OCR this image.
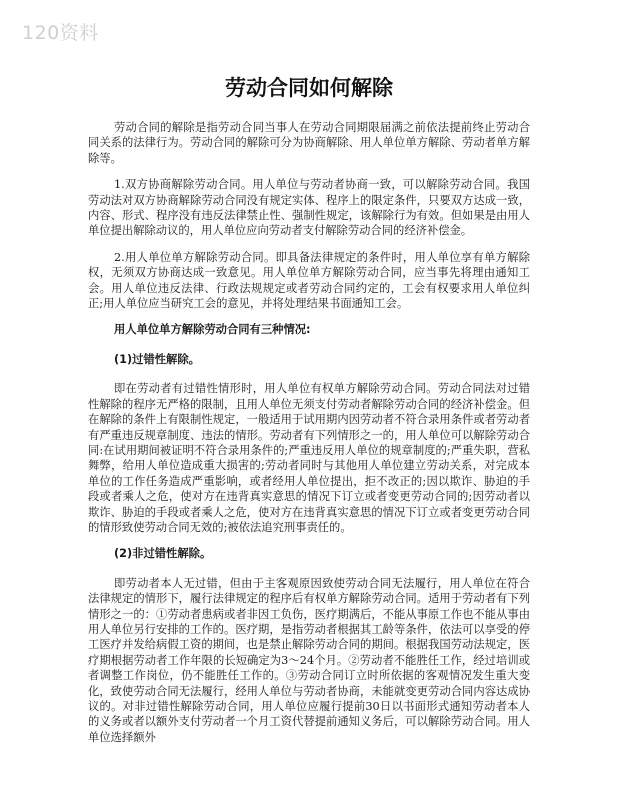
120资料
劳动合同如何解除

劳动合同的解除是指劳动合同当事人在劳动合同期限届满之前依法提前终止劳动合同关系的法律行为。劳动合同的解除可分为协商解除、用人单位单方解除、劳动者单方解除等。

1.双方协商解除劳动合同。用人单位与劳动者协商一致，可以解除劳动合同。我国劳动法对双方协商解除劳动合同没有规定实体、程序上的限定条件，只要双方达成一致，内容、形式、程序没有违反法律禁止性、强制性规定，该解除行为有效。但如果是由用人单位提出解除动议的，用人单位应向劳动者支付解除劳动合同的经济补偿金。

2.用人单位单方解除劳动合同。即具备法律规定的条件时，用人单位享有单方解除权，无须双方协商达成一致意见。用人单位单方解除劳动合同，应当事先将理由通知工会。用人单位违反法律、行政法规规定或者劳动合同约定的，工会有权要求用人单位纠正;用人单位应当研究工会的意见，并将处理结果书面通知工会。

用人单位单方解除劳动合同有三种情况:

(1)过错性解除。

即在劳动者有过错性情形时，用人单位有权单方解除劳动合同。劳动合同法对过错性解除的程序无严格的限制，且用人单位无须支付劳动者解除劳动合同的经济补偿金。但在解除的条件上有限制性规定，一般适用于试用期内因劳动者不符合录用条件或者劳动者有严重违反规章制度、违法的情形。劳动者有下列情形之一的，用人单位可以解除劳动合同:在试用期间被证明不符合录用条件的;严重违反用人单位的规章制度的;严重失职，营私舞弊，给用人单位造成重大损害的;劳动者同时与其他用人单位建立劳动关系，对完成本单位的工作任务造成严重影响，或者经用人单位提出，拒不改正的;因以欺诈、胁迫的手段或者乘人之危，使对方在违背真实意思的情况下订立或者变更劳动合同的;因劳动者以欺诈、胁迫的手段或者乘人之危，使对方在违背真实意思的情况下订立或者变更劳动合同的情形致使劳动合同无效的;被依法追究刑事责任的。

(2)非过错性解除。

即劳动者本人无过错，但由于主客观原因致使劳动合同无法履行，用人单位在符合法律规定的情形下，履行法律规定的程序后有权单方解除劳动合同。适用于劳动者有下列情形之一的：①劳动者患病或者非因工负伤，医疗期满后，不能从事原工作也不能从事由用人单位另行安排的工作的。医疗期，是指劳动者根据其工龄等条件，依法可以享受的停工医疗并发给病假工资的期间，也是禁止解除劳动合同的期间。根据我国劳动法规定，医疗期根据劳动者工作年限的长短确定为3～24个月。②劳动者不能胜任工作，经过培训或者调整工作岗位，仍不能胜任工作的。③劳动合同订立时所依据的客观情况发生重大变化，致使劳动合同无法履行，经用人单位与劳动者协商，未能就变更劳动合同内容达成协议的。对非过错性解除劳动合同，用人单位应履行提前30日以书面形式通知劳动者本人的义务或者以额外支付劳动者一个月工资代替提前通知义务后，可以解除劳动合同。用人单位选择额外
